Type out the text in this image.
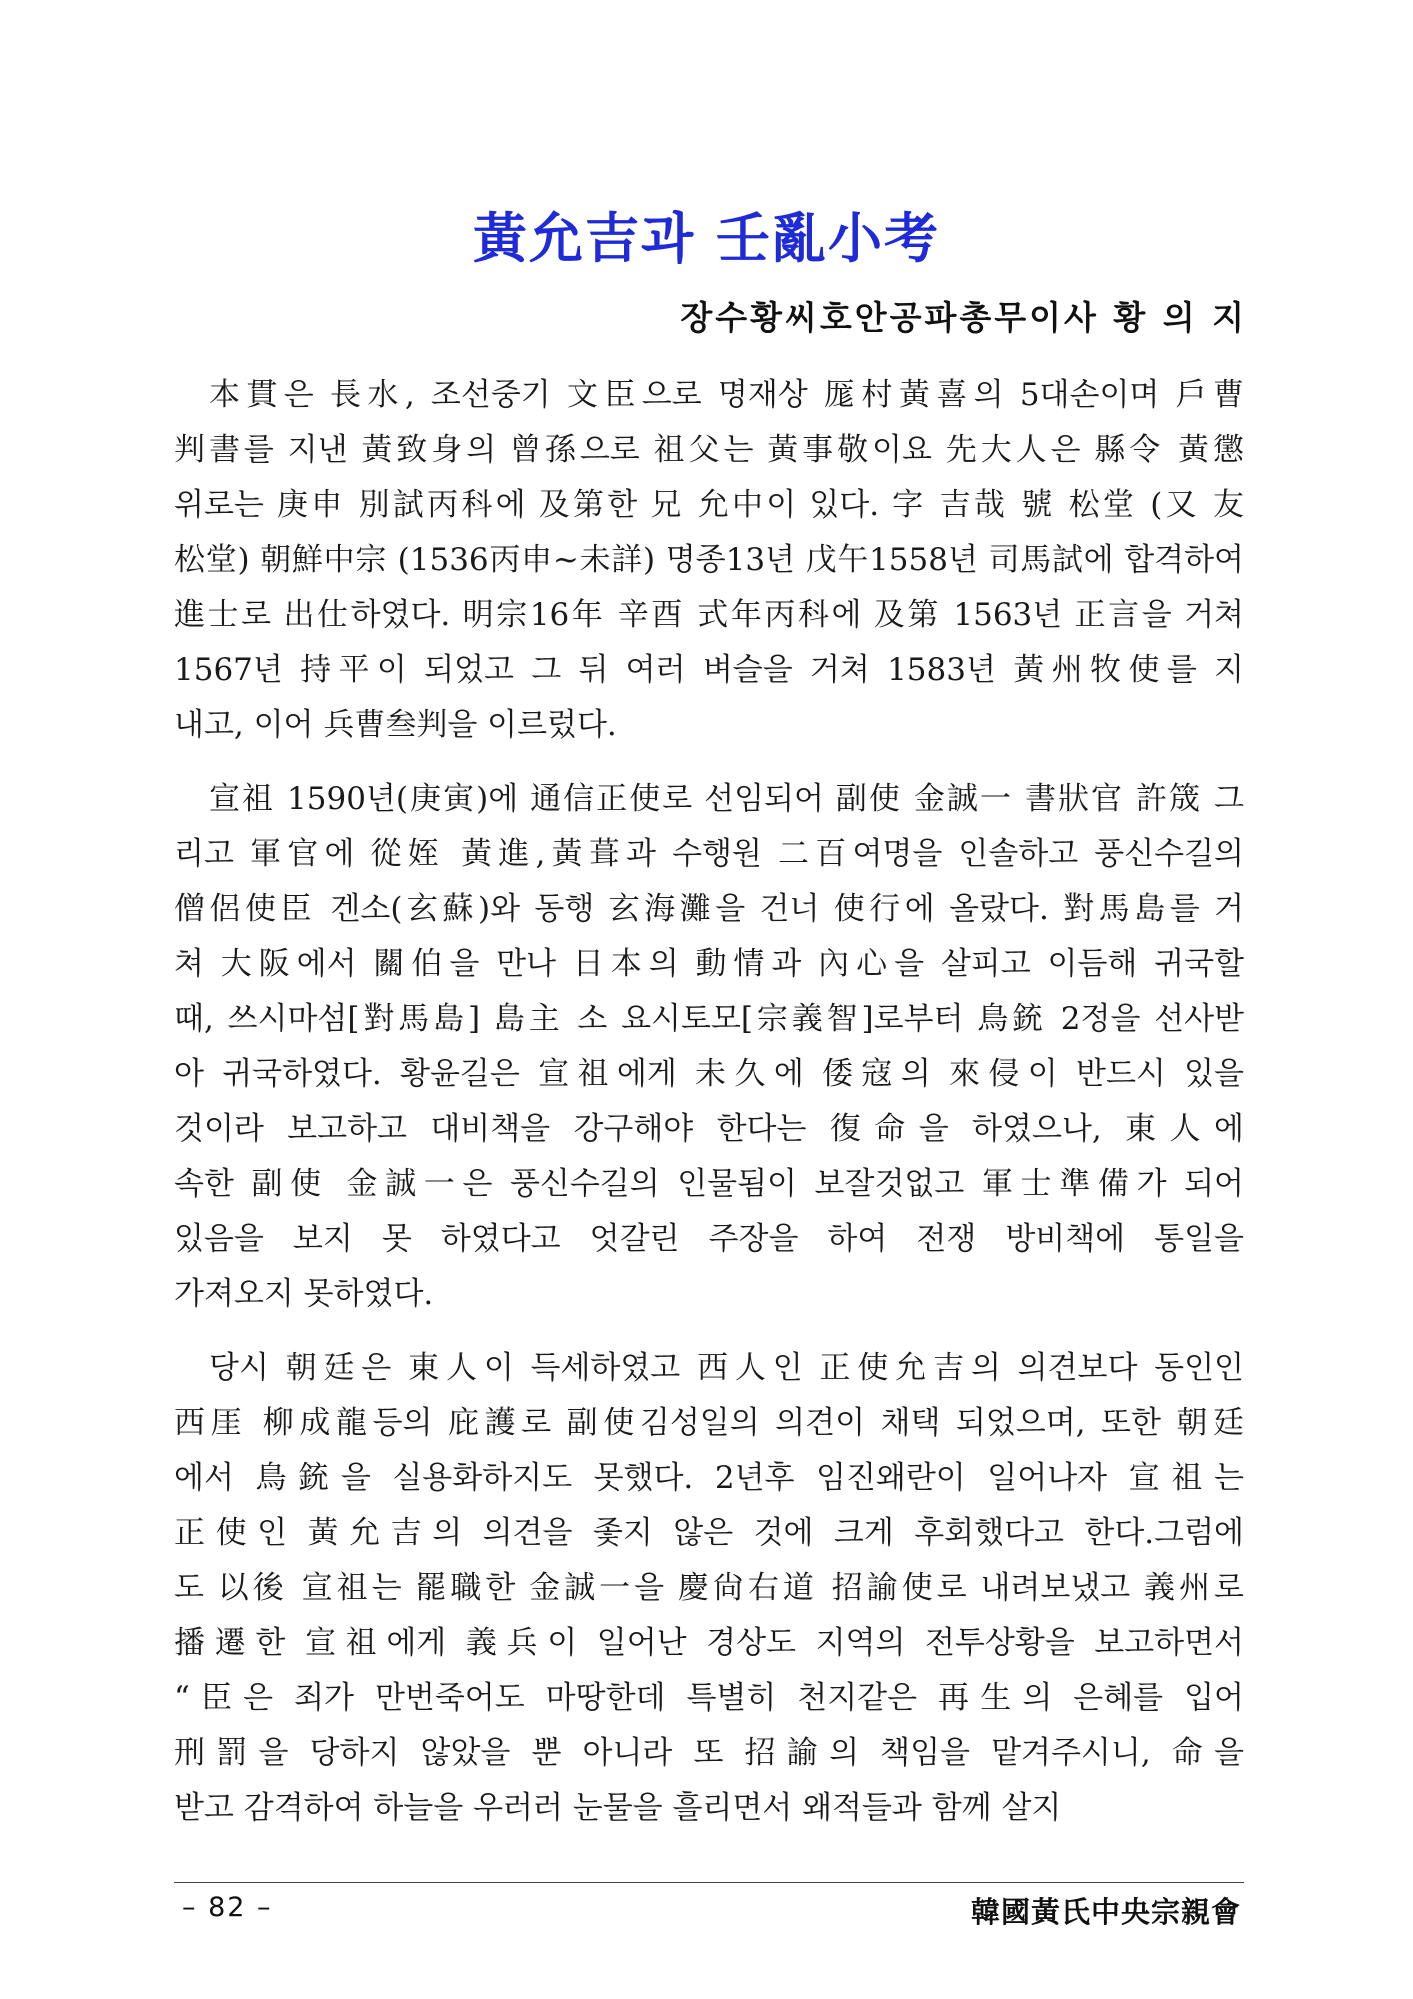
黃允吉과 壬亂小考
장수황씨호안공파총무이사 황 의 지
本貫은 長水, 조선중기 文臣으로 명재상 厖村黃喜의 5대손이며 戶曹
判書를 지낸 黃致身의 曾孫으로 祖父는 黃事敬이요 先大人은 縣令 黃懲
위로는 庚申 別試丙科에 及第한 兄 允中이 있다. 字 吉哉 號 松堂 (又 友
松堂) 朝鮮中宗 (1536丙申~未詳) 명종13년 戊午1558년 司馬試에 합격하여
進士로 出仕하였다. 明宗16年 辛酉 式年丙科에 及第 1563년 正言을 거쳐
1567년 持平이 되었고 그 뒤 여러 벼슬을 거쳐 1583년 黃州牧使를 지
내고, 이어 兵曹叁判을 이르렀다.
宣祖 1590년(庚寅)에 通信正使로 선임되어 副使 金誠一 書狀官 許筬 그
리고 軍官에 從姪 黃進,黃葺과 수행원 二百여명을 인솔하고 풍신수길의
僧侶使臣 겐소(玄蘇)와 동행 玄海灘을 건너 使行에 올랐다. 對馬島를 거
쳐 大阪에서 關伯을 만나 日本의 動情과 內心을 살피고 이듬해 귀국할
때, 쓰시마섬[對馬島] 島主 소 요시토모[宗義智]로부터 鳥銃 2정을 선사받
아 귀국하였다. 황윤길은 宣祖에게 未久에 倭寇의 來侵이 반드시 있을
것이라 보고하고 대비책을 강구해야 한다는 復命을 하였으나, 東人에
속한 副使 金誠一은 풍신수길의 인물됨이 보잘것없고 軍士準備가 되어
있음을 보지 못 하였다고 엇갈린 주장을 하여 전쟁 방비책에 통일을
가져오지 못하였다.
당시 朝廷은 東人이 득세하였고 西人인 正使允吉의 의견보다 동인인
西厓 柳成龍등의 庇護로 副使김성일의 의견이 채택 되었으며, 또한 朝廷
에서 鳥銃을 실용화하지도 못했다. 2년후 임진왜란이 일어나자 宣祖는
正使인 黃允吉의 의견을 좇지 않은 것에 크게 후회했다고 한다.그럼에
도 以後 宣祖는 罷職한 金誠一을 慶尙右道 招諭使로 내려보냈고 義州로
播遷한 宣祖에게 義兵이 일어난 경상도 지역의 전투상황을 보고하면서
“臣은 죄가 만번죽어도 마땅한데 특별히 천지같은 再生의 은혜를 입어
刑罰을 당하지 않았을 뿐 아니라 또 招諭의 책임을 맡겨주시니, 命을
받고 감격하여 하늘을 우러러 눈물을 흘리면서 왜적들과 함께 살지
– 82 –	韓國黃氏中央宗親會
